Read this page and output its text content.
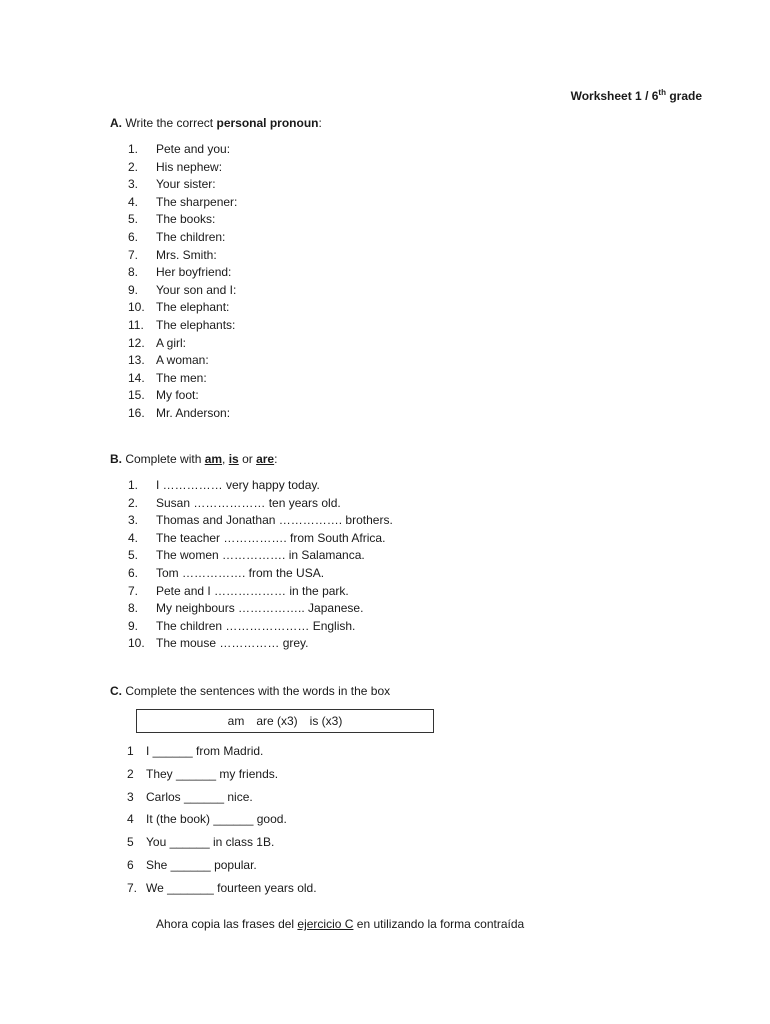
Worksheet 1 / 6th grade
A. Write the correct personal pronoun:
1.	Pete and you:
2.	His nephew:
3.	Your sister:
4.	The sharpener:
5.	The books:
6.	The children:
7.	Mrs. Smith:
8.	Her boyfriend:
9.	Your son and I:
10. The elephant:
11.	The elephants:
12. A girl:
13. A woman:
14. The men:
15. My foot:
16. Mr. Anderson:
B. Complete with am, is or are:
1.	I …………… very happy today.
2.	Susan ……………… ten years old.
3.	Thomas and Jonathan ……………. brothers.
4.	The teacher ……………. from South Africa.
5.	The women ……………. in Salamanca.
6.	Tom ……………. from the USA.
7.	Pete and I ……………… in the park.
8.	My neighbours …………….. Japanese.
9.	The children ………………… English.
10. The mouse …………… grey.
C. Complete the sentences with the words in the box
am are (x3) is (x3)
1 I ______ from Madrid.
2 They ______ my friends.
3 Carlos ______ nice.
4 It (the book) ______ good.
5 You ______ in class 1B.
6 She ______ popular.
7. We _______ fourteen years old.
Ahora copia las frases del ejercicio C en utilizando la forma contraída
